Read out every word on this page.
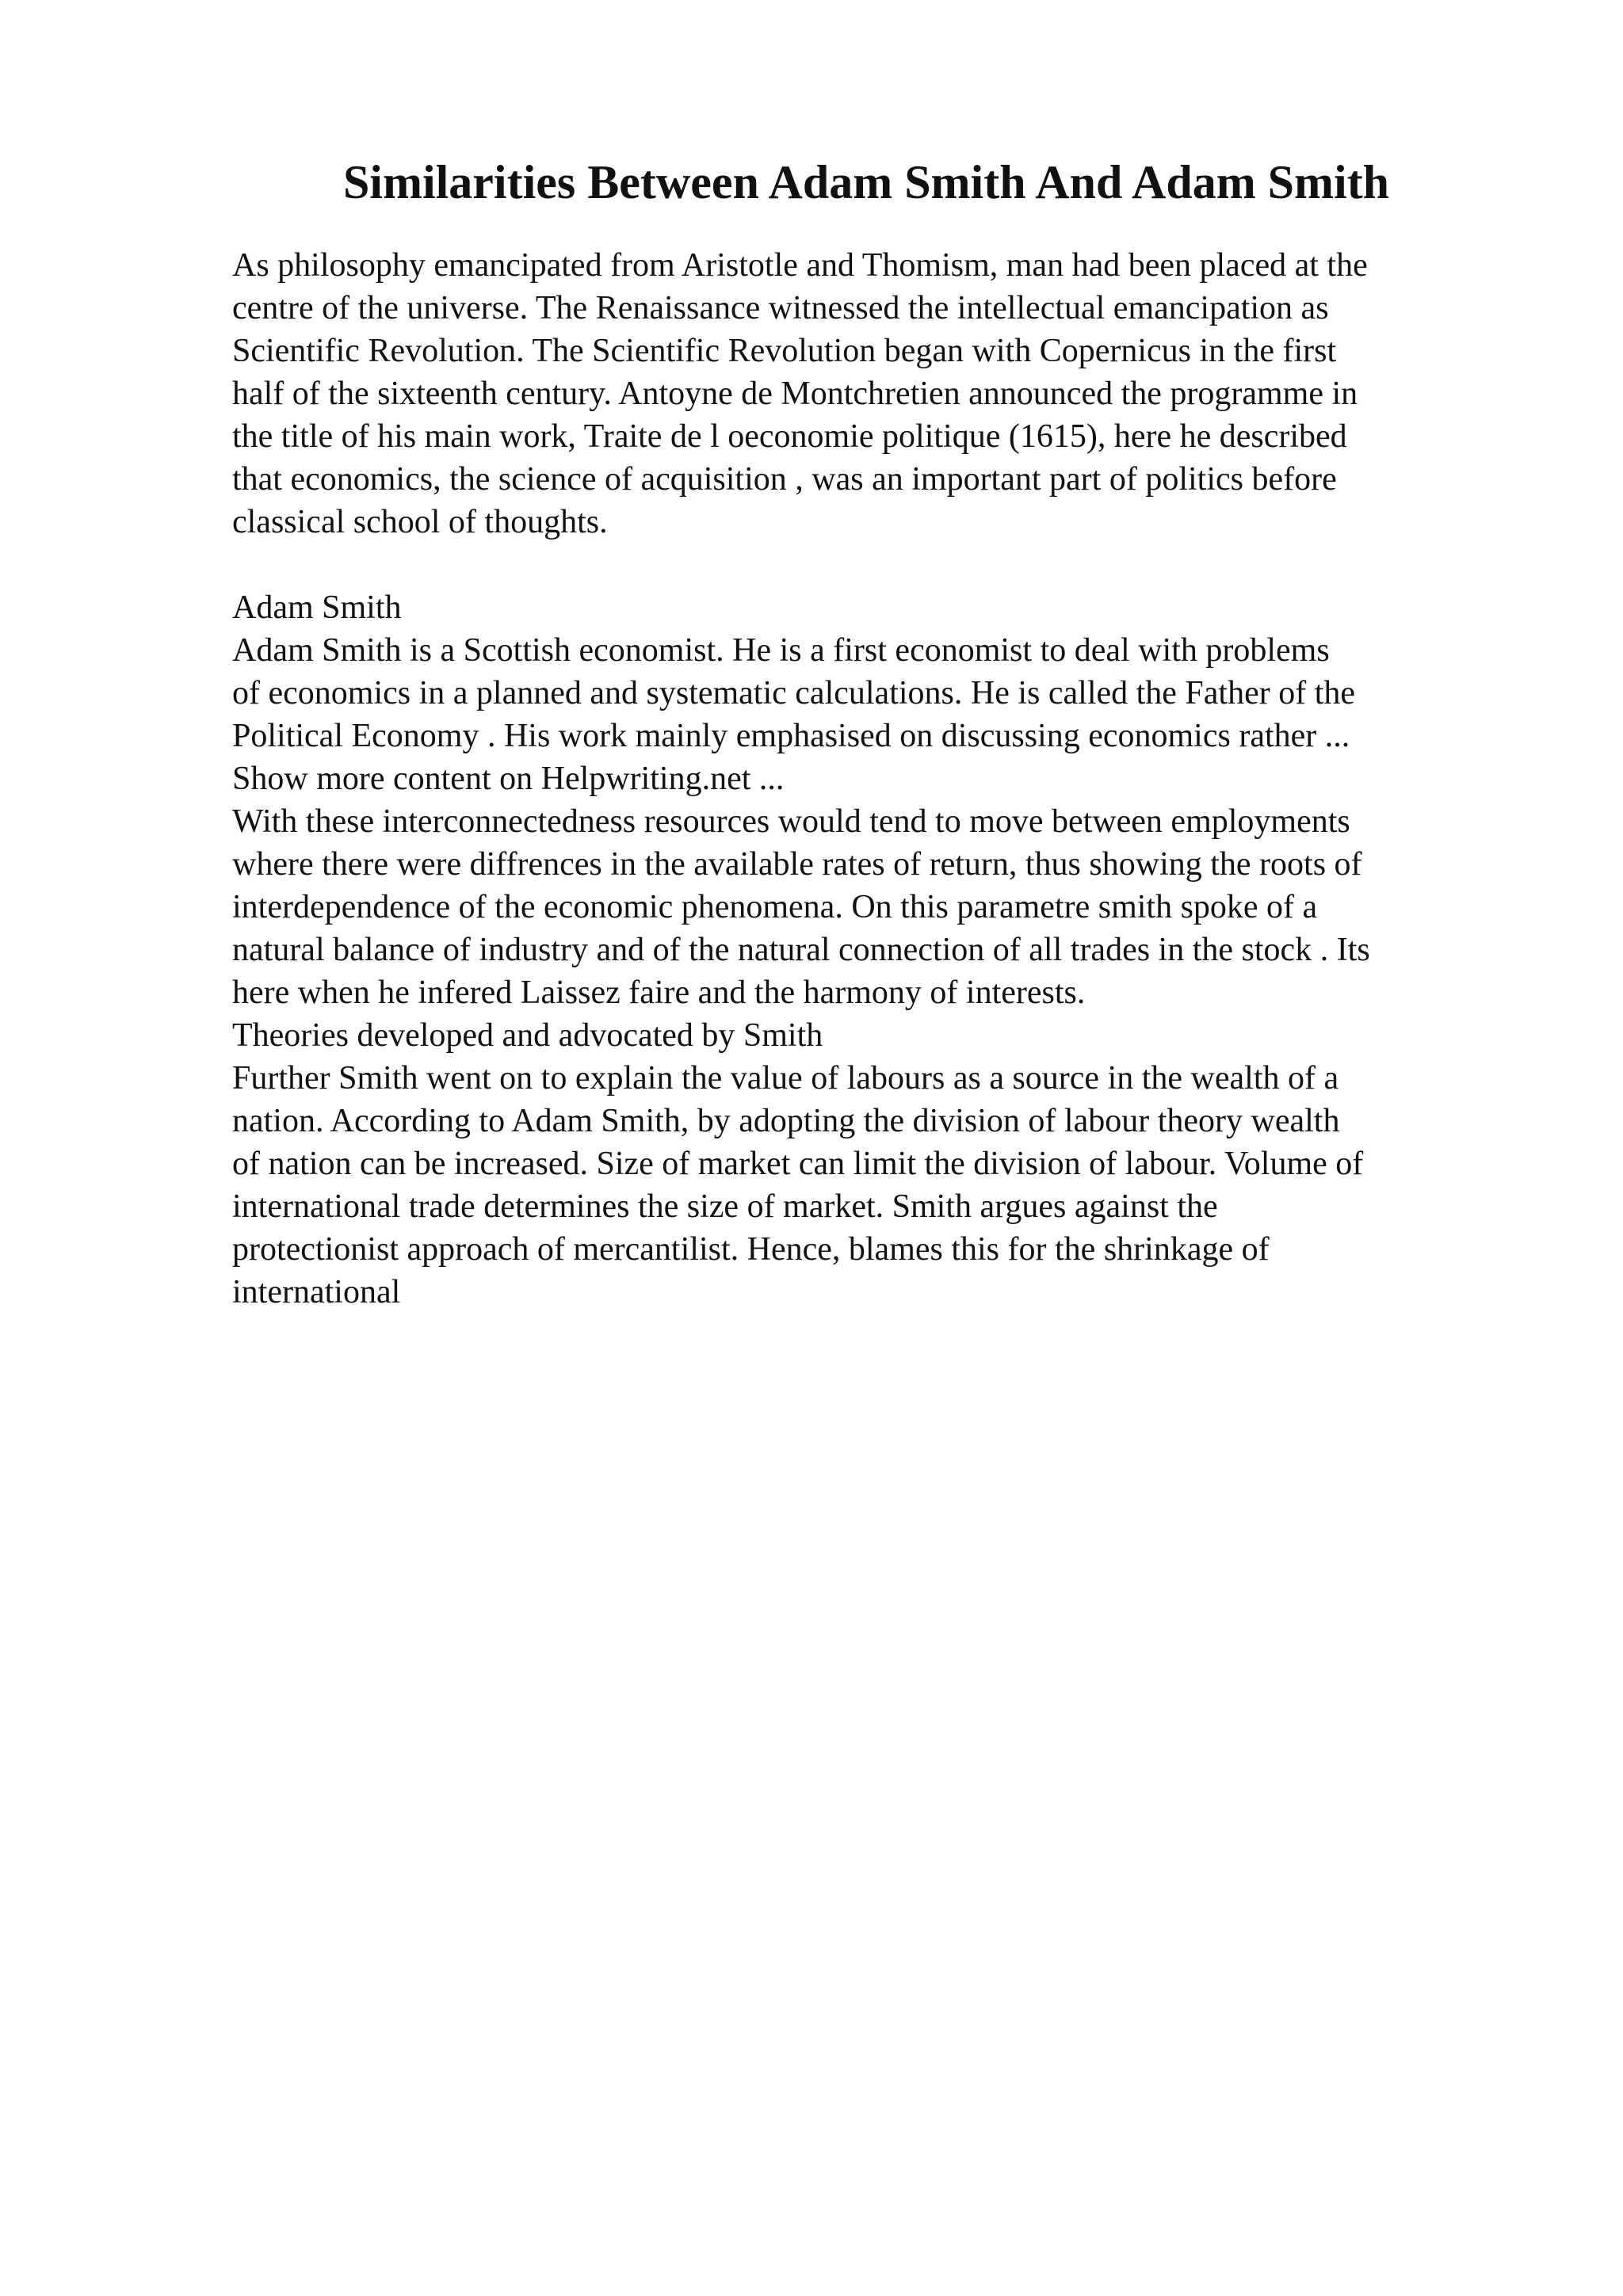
Similarities Between Adam Smith And Adam Smith
As philosophy emancipated from Aristotle and Thomism, man had been placed at the
centre of the universe. The Renaissance witnessed the intellectual emancipation as
Scientific Revolution. The Scientific Revolution began with Copernicus in the first
half of the sixteenth century. Antoyne de Montchretien announced the programme in
the title of his main work, Traite de l oeconomie politique (1615), here he described
that economics, the science of acquisition , was an important part of politics before
classical school of thoughts.
Adam Smith
Adam Smith is a Scottish economist. He is a first economist to deal with problems
of economics in a planned and systematic calculations. He is called the Father of the
Political Economy . His work mainly emphasised on discussing economics rather ...
Show more content on Helpwriting.net ...
With these interconnectedness resources would tend to move between employments
where there were diffrences in the available rates of return, thus showing the roots of
interdependence of the economic phenomena. On this parametre smith spoke of a
natural balance of industry and of the natural connection of all trades in the stock . Its
here when he infered Laissez faire and the harmony of interests.
Theories developed and advocated by Smith
Further Smith went on to explain the value of labours as a source in the wealth of a
nation. According to Adam Smith, by adopting the division of labour theory wealth
of nation can be increased. Size of market can limit the division of labour. Volume of
international trade determines the size of market. Smith argues against the
protectionist approach of mercantilist. Hence, blames this for the shrinkage of
international
